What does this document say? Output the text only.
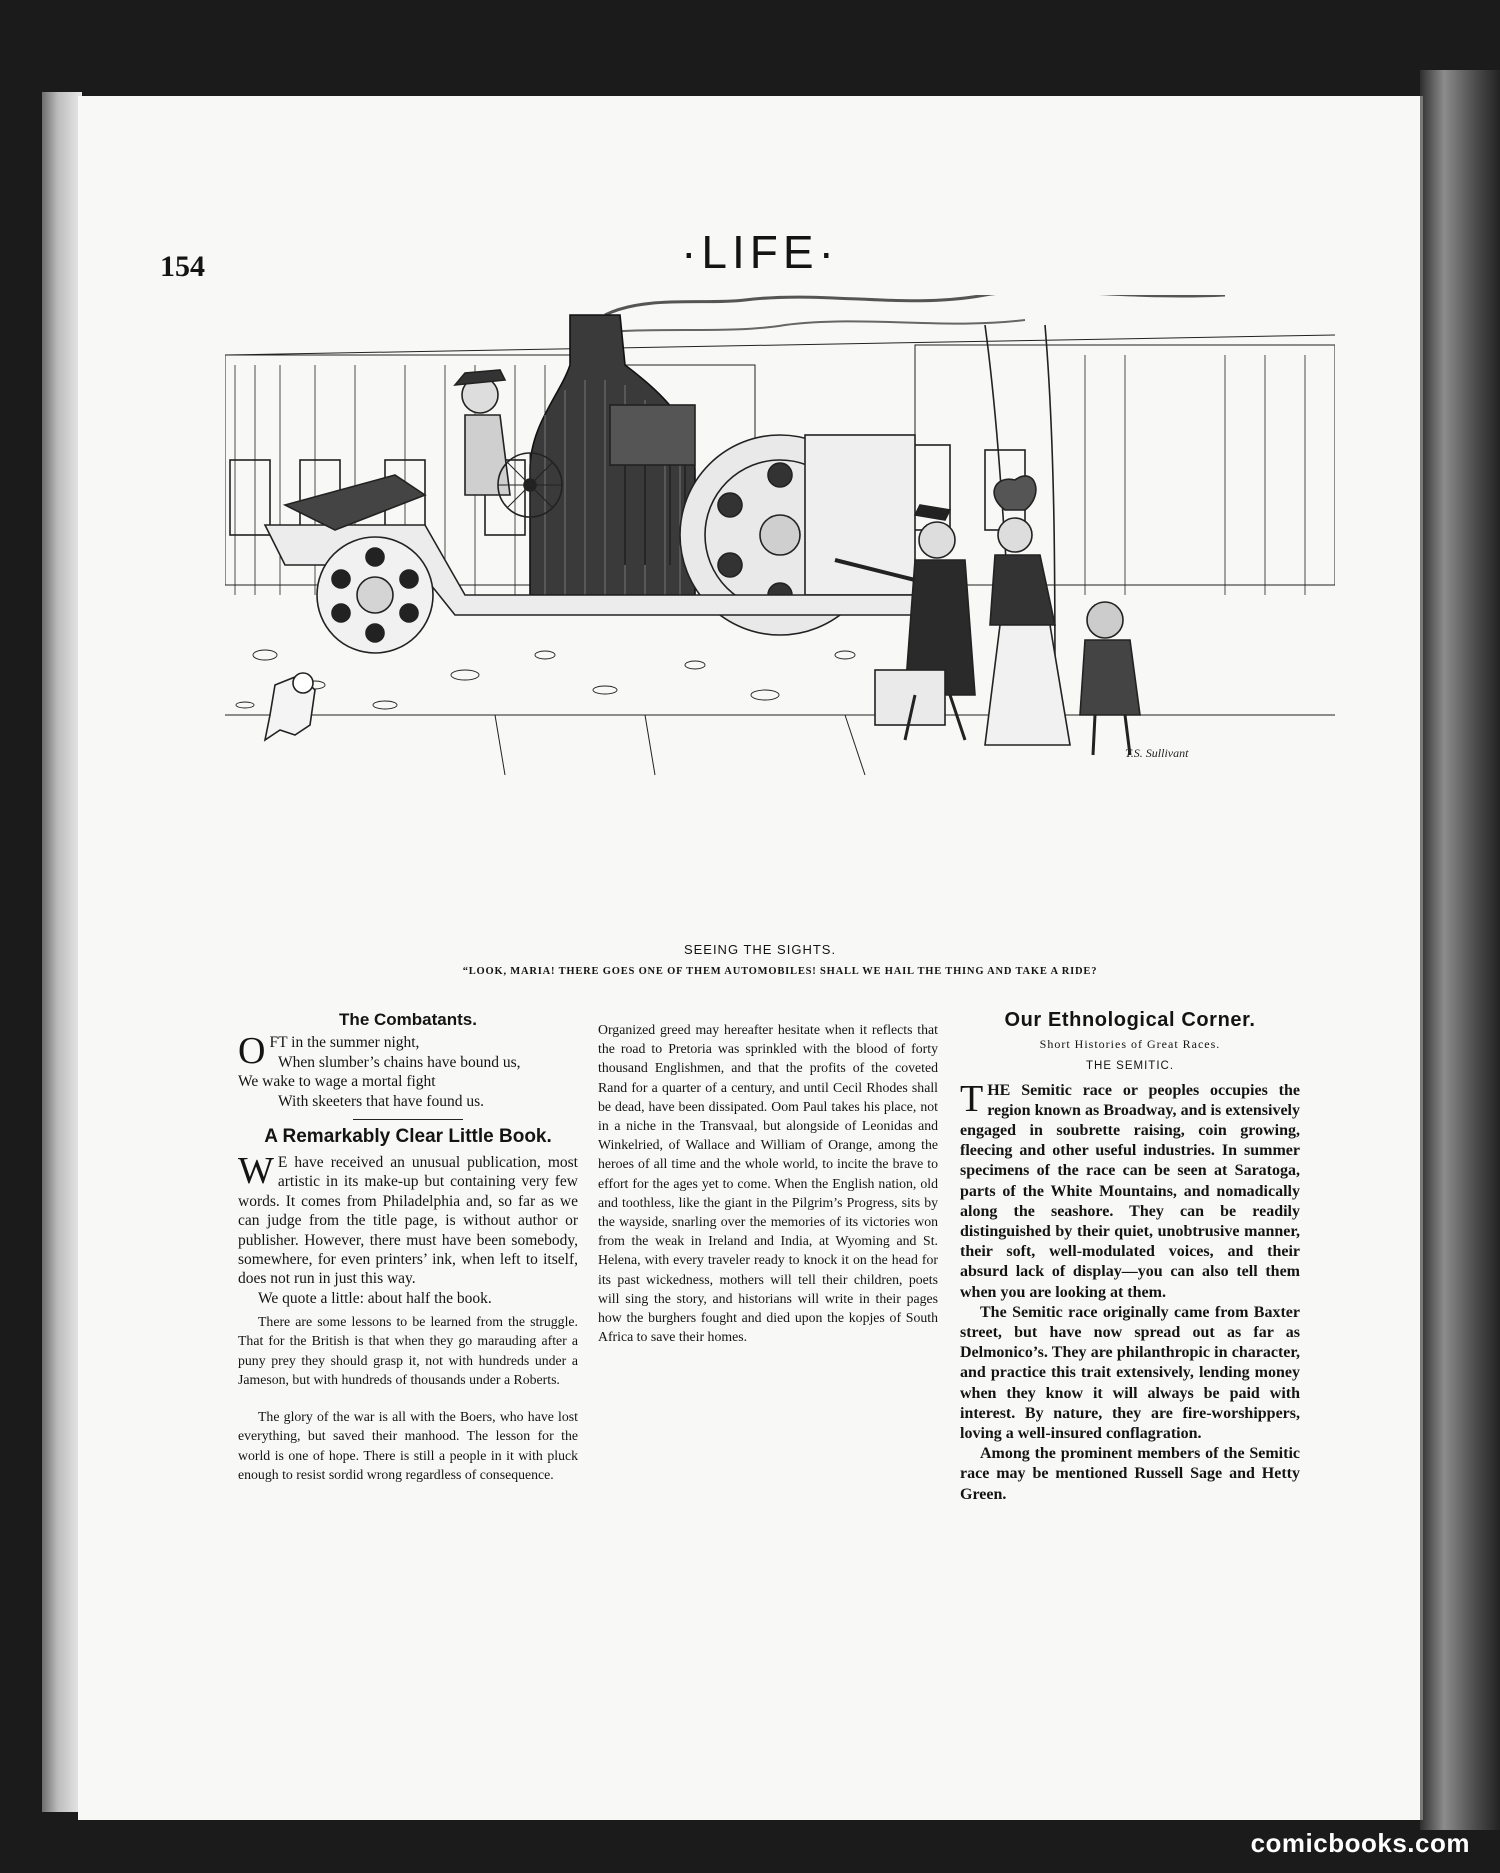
154	·LIFE·
T.S. Sullivant
SEEING THE SIGHTS.
“LOOK, MARIA! THERE GOES ONE OF THEM AUTOMOBILES! SHALL WE HAIL THE THING AND TAKE A RIDE?
The Combatants.
OFT in the summer night,
When slumber’s chains have bound us,
We wake to wage a mortal fight
With skeeters that have found us.
A Remarkably Clear Little Book.

W E have received an unusual publication, most artistic in its make-up but containing very few words. It comes from Philadelphia and, so far as we can judge from the title page, is without author or publisher. However, there must have been somebody, somewhere, for even printers’ ink, when left to itself, does not run in just this way.

We quote a little: about half the book.

There are some lessons to be learned from the struggle. That for the British is that when they go marauding after a puny prey they should grasp it, not with hundreds under a Jameson, but with hundreds of thousands under a Roberts.

The glory of the war is all with the Boers, who have lost everything, but saved their manhood. The lesson for the world is one of hope. There is still a people in it with pluck enough to resist sordid wrong regardless of consequence.

Organized greed may hereafter hesitate when it reflects that the road to Pretoria was sprinkled with the blood of forty thousand Englishmen, and that the profits of the coveted Rand for a quarter of a century, and until Cecil Rhodes shall be dead, have been dissipated. Oom Paul takes his place, not in a niche in the Transvaal, but alongside of Leonidas and Winkelried, of Wallace and William of Orange, among the heroes of all time and the whole world, to incite the brave to effort for the ages yet to come. When the English nation, old and toothless, like the giant in the Pilgrim’s Progress, sits by the wayside, snarling over the memories of its victories won from the weak in Ireland and India, at Wyoming and St. Helena, with every traveler ready to knock it on the head for its past wickedness, mothers will tell their children, poets will sing the story, and historians will write in their pages how the burghers fought and died upon the kopjes of South Africa to save their homes.

Our Ethnological Corner.
Short Histories of Great Races.
THE SEMITIC.

THE Semitic race or peoples occupies the region known as Broadway, and is extensively engaged in soubrette raising, coin growing, fleecing and other useful industries. In summer specimens of the race can be seen at Saratoga, parts of the White Mountains, and nomadically along the seashore. They can be readily distinguished by their quiet, unobtrusive manner, their soft, well-modulated voices, and their absurd lack of display—you can also tell them when you are looking at them.

The Semitic race originally came from Baxter street, but have now spread out as far as Delmonico’s. They are philanthropic in character, and practice this trait extensively, lending money when they know it will always be paid with interest. By nature, they are fire-worshippers, loving a well-insured conflagration.

Among the prominent members of the Semitic race may be mentioned Russell Sage and Hetty Green.

comicbooks.com
